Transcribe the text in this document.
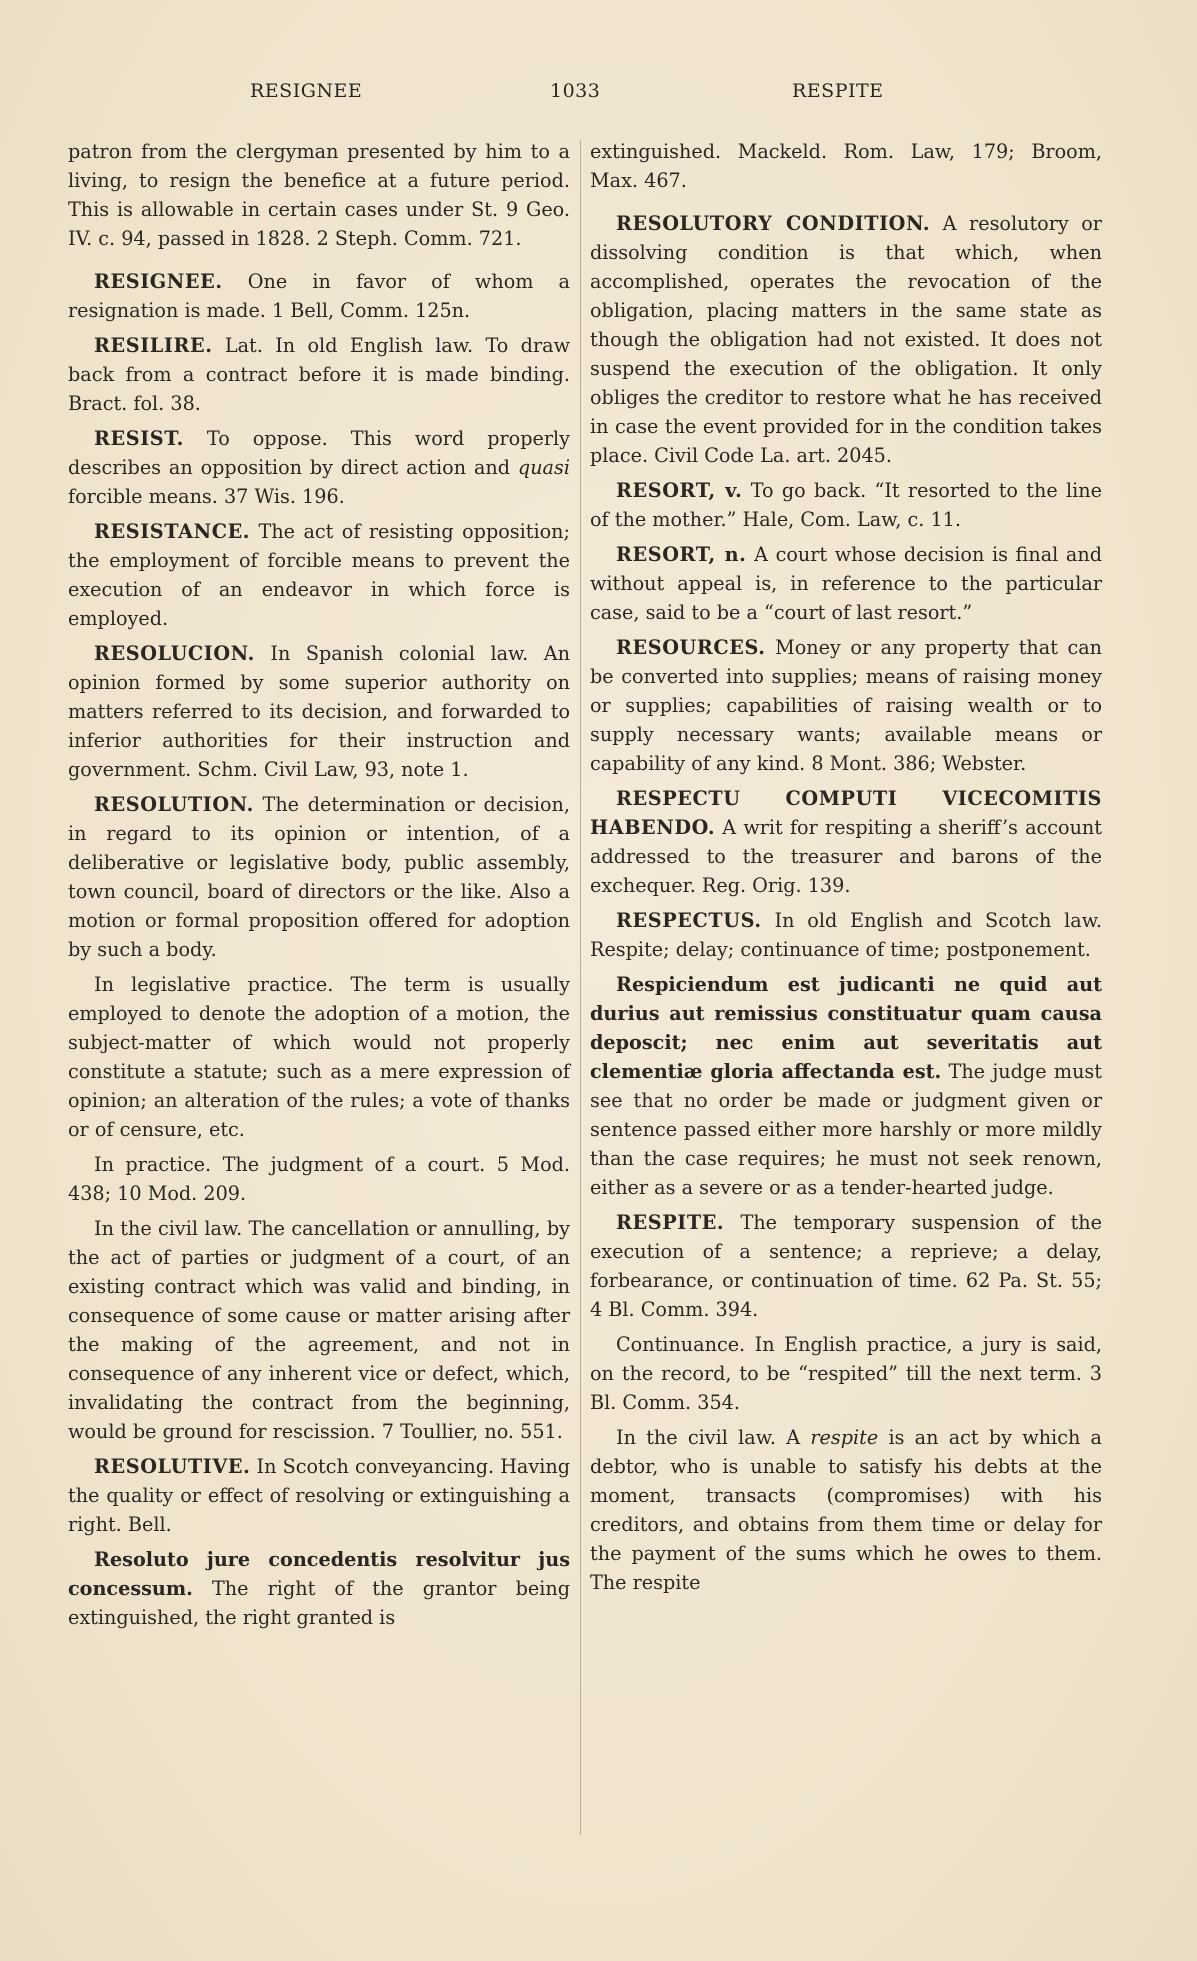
RESIGNEE	1033	RESPITE

patron from the clergyman presented by him to a living, to resign the benefice at a future period. This is allowable in certain cases under St. 9 Geo. IV. c. 94, passed in 1828. 2 Steph. Comm. 721.

RESIGNEE. One in favor of whom a resignation is made. 1 Bell, Comm. 125n.

RESILIRE. Lat. In old English law. To draw back from a contract before it is made binding. Bract. fol. 38.

RESIST. To oppose. This word properly describes an opposition by direct action and quasi forcible means. 37 Wis. 196.

RESISTANCE. The act of resisting opposition; the employment of forcible means to prevent the execution of an endeavor in which force is employed.

RESOLUCION. In Spanish colonial law. An opinion formed by some superior authority on matters referred to its decision, and forwarded to inferior authorities for their instruction and government. Schm. Civil Law, 93, note 1.

RESOLUTION. The determination or decision, in regard to its opinion or intention, of a deliberative or legislative body, public assembly, town council, board of directors or the like. Also a motion or formal proposition offered for adoption by such a body.

In legislative practice. The term is usually employed to denote the adoption of a motion, the subject-matter of which would not properly constitute a statute; such as a mere expression of opinion; an alteration of the rules; a vote of thanks or of censure, etc.

In practice. The judgment of a court. 5 Mod. 438; 10 Mod. 209.

In the civil law. The cancellation or annulling, by the act of parties or judgment of a court, of an existing contract which was valid and binding, in consequence of some cause or matter arising after the making of the agreement, and not in consequence of any inherent vice or defect, which, invalidating the contract from the beginning, would be ground for rescission. 7 Toullier, no. 551.

RESOLUTIVE. In Scotch conveyancing. Having the quality or effect of resolving or extinguishing a right. Bell.

Resoluto jure concedentis resolvitur jus concessum. The right of the grantor being extinguished, the right granted is

extinguished. Mackeld. Rom. Law, 179; Broom, Max. 467.

RESOLUTORY CONDITION. A resolutory or dissolving condition is that which, when accomplished, operates the revocation of the obligation, placing matters in the same state as though the obligation had not existed. It does not suspend the execution of the obligation. It only obliges the creditor to restore what he has received in case the event provided for in the condition takes place. Civil Code La. art. 2045.

RESORT, v. To go back. “It resorted to the line of the mother.” Hale, Com. Law, c. 11.

RESORT, n. A court whose decision is final and without appeal is, in reference to the particular case, said to be a “court of last resort.”

RESOURCES. Money or any property that can be converted into supplies; means of raising money or supplies; capabilities of raising wealth or to supply necessary wants; available means or capability of any kind. 8 Mont. 386; Webster.

RESPECTU COMPUTI VICECOMITIS HABENDO. A writ for respiting a sheriff’s account addressed to the treasurer and barons of the exchequer. Reg. Orig. 139.

RESPECTUS. In old English and Scotch law. Respite; delay; continuance of time; postponement.

Respiciendum est judicanti ne quid aut durius aut remissius constituatur quam causa deposcit; nec enim aut severitatis aut clementiæ gloria affectanda est. The judge must see that no order be made or judgment given or sentence passed either more harshly or more mildly than the case requires; he must not seek renown, either as a severe or as a tender-hearted judge.

RESPITE. The temporary suspension of the execution of a sentence; a reprieve; a delay, forbearance, or continuation of time. 62 Pa. St. 55; 4 Bl. Comm. 394.

Continuance. In English practice, a jury is said, on the record, to be “respited” till the next term. 3 Bl. Comm. 354.

In the civil law. A respite is an act by which a debtor, who is unable to satisfy his debts at the moment, transacts (compromises) with his creditors, and obtains from them time or delay for the payment of the sums which he owes to them. The respite
